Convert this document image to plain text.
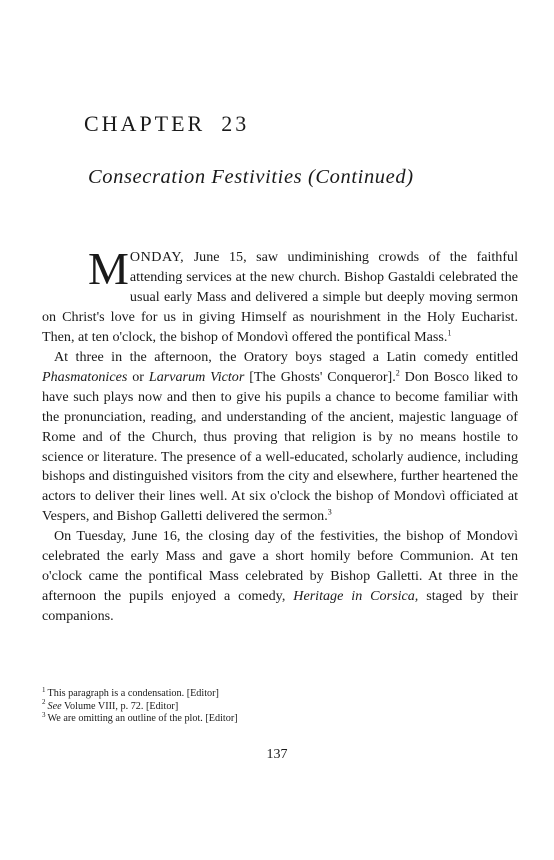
CHAPTER 23
Consecration Festivities (Continued)

MONDAY, June 15, saw undiminishing crowds of the faithful attending services at the new church. Bishop Gastaldi celebrated the usual early Mass and delivered a simple but deeply moving sermon on Christ's love for us in giving Himself as nourishment in the Holy Eucharist. Then, at ten o'clock, the bishop of Mondovì offered the pontifical Mass.$^1$

At three in the afternoon, the Oratory boys staged a Latin comedy entitled Phasmatonices or Larvarum Victor [The Ghosts' Conqueror].$^2$ Don Bosco liked to have such plays now and then to give his pupils a chance to become familiar with the pronunciation, reading, and understanding of the ancient, majestic language of Rome and of the Church, thus proving that religion is by no means hostile to science or literature. The presence of a well-educated, scholarly audience, including bishops and distinguished visitors from the city and elsewhere, further heartened the actors to deliver their lines well. At six o'clock the bishop of Mondovì officiated at Vespers, and Bishop Galletti delivered the sermon.$^3$

On Tuesday, June 16, the closing day of the festivities, the bishop of Mondovì celebrated the early Mass and gave a short homily before Communion. At ten o'clock came the pontifical Mass celebrated by Bishop Galletti. At three in the afternoon the pupils enjoyed a comedy, Heritage in Corsica, staged by their companions.

$^1$ This paragraph is a condensation. [Editor]
$^2$ See Volume VIII, p. 72. [Editor]
$^3$ We are omitting an outline of the plot. [Editor]
137
